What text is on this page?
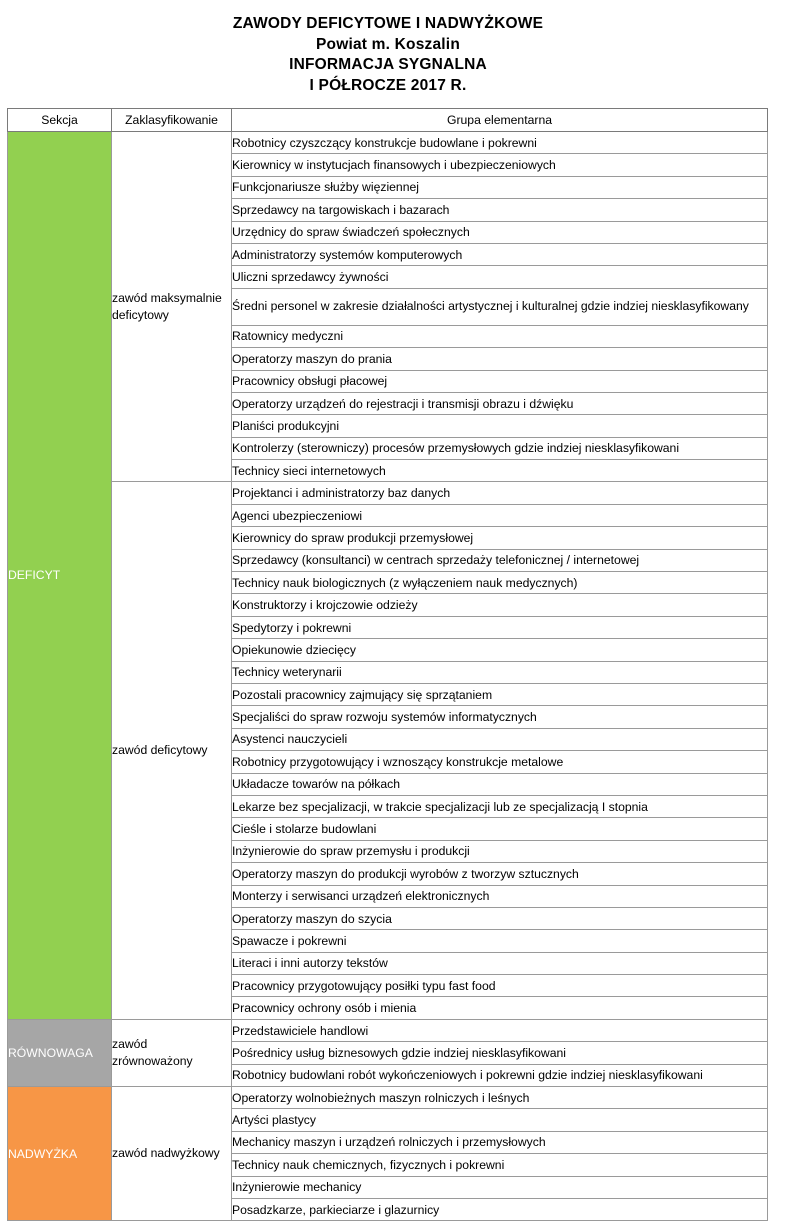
ZAWODY DEFICYTOWE I NADWYŻKOWE
Powiat m. Koszalin
INFORMACJA SYGNALNA
I PÓŁROCZE 2017 R.
Sekcja	Zaklasyfikowanie	Grupa elementarna
DEFICYT	zawód maksymalnie deficytowy	Robotnicy czyszczący konstrukcje budowlane i pokrewni
		Kierownicy w instytucjach finansowych i ubezpieczeniowych
		Funkcjonariusze służby więziennej
		Sprzedawcy na targowiskach i bazarach
		Urzędnicy do spraw świadczeń społecznych
		Administratorzy systemów komputerowych
		Uliczni sprzedawcy żywności
		Średni personel w zakresie działalności artystycznej i kulturalnej gdzie indziej niesklasyfikowany
		Ratownicy medyczni
		Operatorzy maszyn do prania
		Pracownicy obsługi płacowej
		Operatorzy urządzeń do rejestracji i transmisji obrazu i dźwięku
		Planiści produkcyjni
		Kontrolerzy (sterowniczy) procesów przemysłowych gdzie indziej niesklasyfikowani
		Technicy sieci internetowych
	zawód deficytowy	Projektanci i administratorzy baz danych
		Agenci ubezpieczeniowi
		Kierownicy do spraw produkcji przemysłowej
		Sprzedawcy (konsultanci) w centrach sprzedaży telefonicznej / internetowej
		Technicy nauk biologicznych (z wyłączeniem nauk medycznych)
		Konstruktorzy i krojczowie odzieży
		Spedytorzy i pokrewni
		Opiekunowie dziecięcy
		Technicy weterynarii
		Pozostali pracownicy zajmujący się sprzątaniem
		Specjaliści do spraw rozwoju systemów informatycznych
		Asystenci nauczycieli
		Robotnicy przygotowujący i wznoszący konstrukcje metalowe
		Układacze towarów na półkach
		Lekarze bez specjalizacji, w trakcie specjalizacji lub ze specjalizacją I stopnia
		Cieśle i stolarze budowlani
		Inżynierowie do spraw przemysłu i produkcji
		Operatorzy maszyn do produkcji wyrobów z tworzyw sztucznych
		Monterzy i serwisanci urządzeń elektronicznych
		Operatorzy maszyn do szycia
		Spawacze i pokrewni
		Literaci i inni autorzy tekstów
		Pracownicy przygotowujący posiłki typu fast food
		Pracownicy ochrony osób i mienia
RÓWNOWAGA	zawód zrównoważony	Przedstawiciele handlowi
		Pośrednicy usług biznesowych gdzie indziej niesklasyfikowani
		Robotnicy budowlani robót wykończeniowych i pokrewni gdzie indziej niesklasyfikowani
NADWYŻKA	zawód nadwyżkowy	Operatorzy wolnobieżnych maszyn rolniczych i leśnych
		Artyści plastycy
		Mechanicy maszyn i urządzeń rolniczych i przemysłowych
		Technicy nauk chemicznych, fizycznych i pokrewni
		Inżynierowie mechanicy
		Posadzkarze, parkieciarze i glazurnicy
